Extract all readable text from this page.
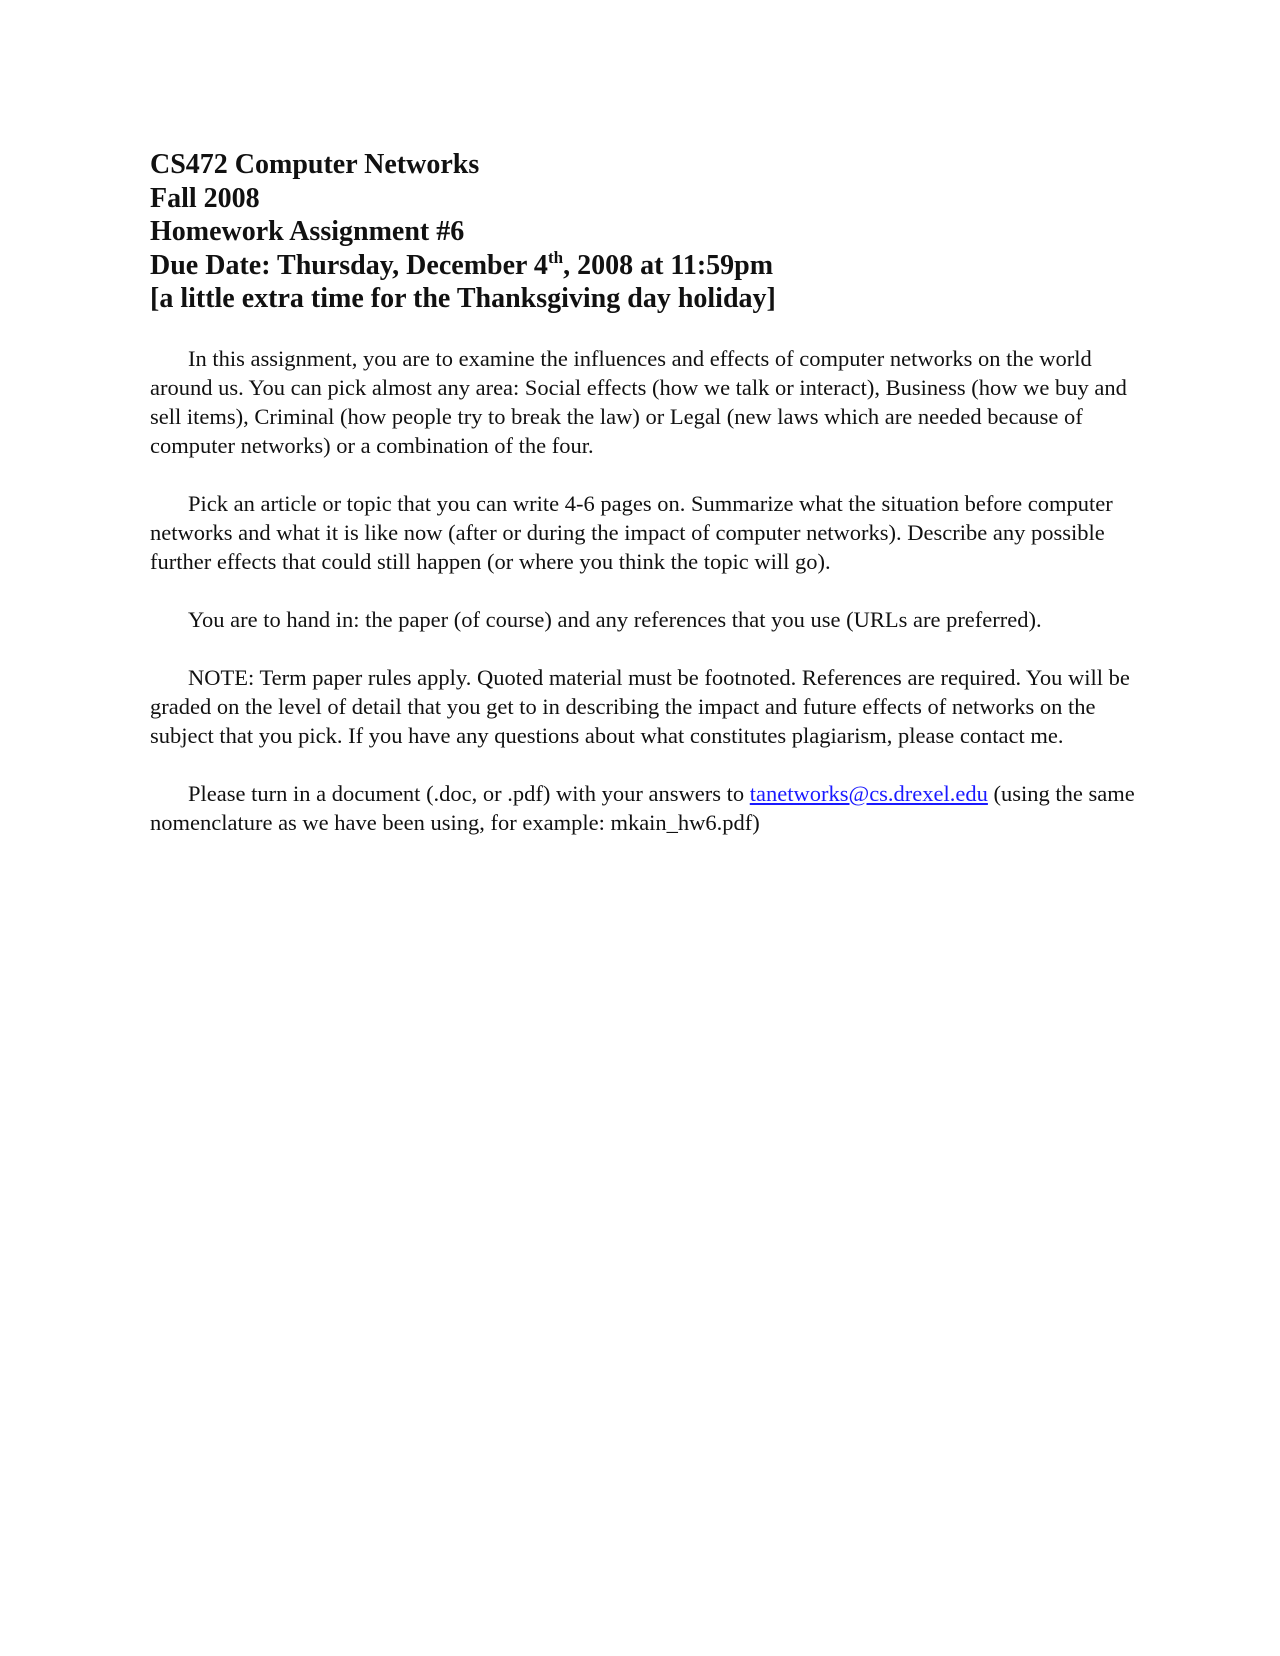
CS472 Computer Networks

Fall 2008

Homework Assignment #6

Due Date: Thursday, December 4th, 2008 at 11:59pm

[a little extra time for the Thanksgiving day holiday]

In this assignment, you are to examine the influences and effects of computer networks on the world around us. You can pick almost any area: Social effects (how we talk or interact), Business (how we buy and sell items), Criminal (how people try to break the law) or Legal (new laws which are needed because of computer networks) or a combination of the four.

Pick an article or topic that you can write 4-6 pages on. Summarize what the situation before computer networks and what it is like now (after or during the impact of computer networks). Describe any possible further effects that could still happen (or where you think the topic will go).

You are to hand in: the paper (of course) and any references that you use (URLs are preferred).

NOTE: Term paper rules apply. Quoted material must be footnoted. References are required. You will be graded on the level of detail that you get to in describing the impact and future effects of networks on the subject that you pick. If you have any questions about what constitutes plagiarism, please contact me.

Please turn in a document (.doc, or .pdf) with your answers to tanetworks@cs.drexel.edu (using the same nomenclature as we have been using, for example: mkain_hw6.pdf)
